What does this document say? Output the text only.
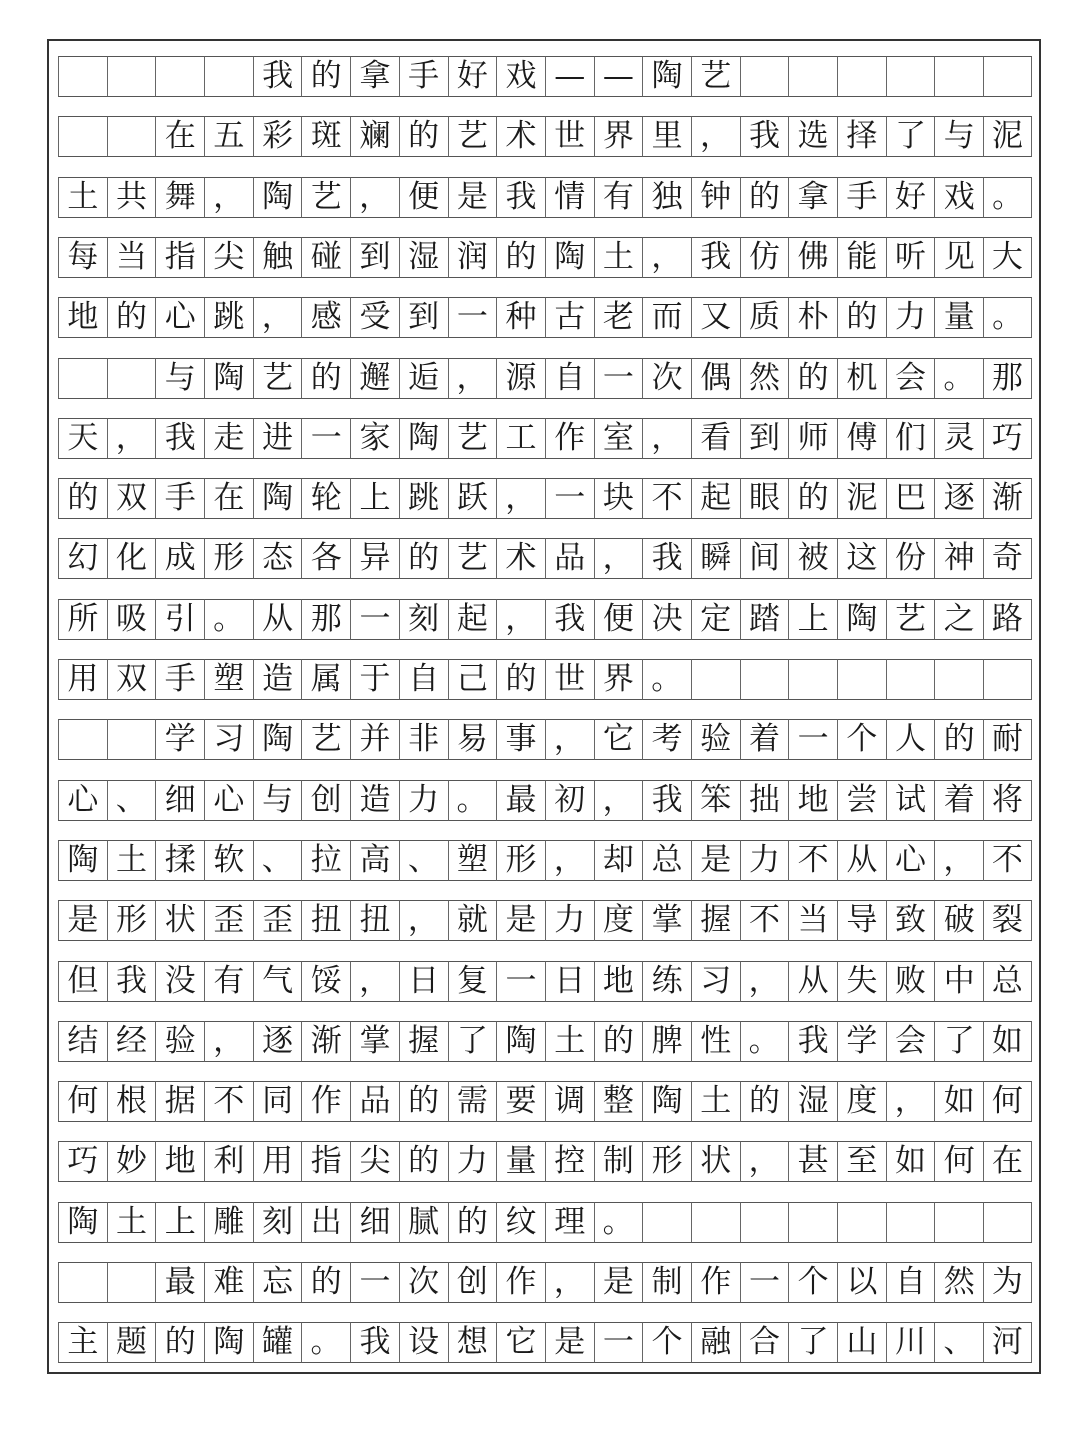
我 的 拿 手 好 戏 — — 陶 艺
在 五 彩 斑 斓 的 艺 术 世 界 里 ， 我 选 择 了 与 泥
土 共 舞 ， 陶 艺 ， 便 是 我 情 有 独 钟 的 拿 手 好 戏 。
每 当 指 尖 触 碰 到 湿 润 的 陶 土 ， 我 仿 佛 能 听 见 大
地 的 心 跳 ， 感 受 到 一 种 古 老 而 又 质 朴 的 力 量 。
与 陶 艺 的 邂 逅 ， 源 自 一 次 偶 然 的 机 会 。 那
天 ， 我 走 进 一 家 陶 艺 工 作 室 ， 看 到 师 傅 们 灵 巧
的 双 手 在 陶 轮 上 跳 跃 ， 一 块 不 起 眼 的 泥 巴 逐 渐
幻 化 成 形 态 各 异 的 艺 术 品 ， 我 瞬 间 被 这 份 神 奇
所 吸 引 。 从 那 一 刻 起 ， 我 便 决 定 踏 上 陶 艺 之 路
用 双 手 塑 造 属 于 自 己 的 世 界 。
学 习 陶 艺 并 非 易 事 ， 它 考 验 着 一 个 人 的 耐
心 、 细 心 与 创 造 力 。 最 初 ， 我 笨 拙 地 尝 试 着 将
陶 土 揉 软 、 拉 高 、 塑 形 ， 却 总 是 力 不 从 心 ， 不
是 形 状 歪 歪 扭 扭 ， 就 是 力 度 掌 握 不 当 导 致 破 裂
但 我 没 有 气 馁 ， 日 复 一 日 地 练 习 ， 从 失 败 中 总
结 经 验 ， 逐 渐 掌 握 了 陶 土 的 脾 性 。 我 学 会 了 如
何 根 据 不 同 作 品 的 需 要 调 整 陶 土 的 湿 度 ， 如 何
巧 妙 地 利 用 指 尖 的 力 量 控 制 形 状 ， 甚 至 如 何 在
陶 土 上 雕 刻 出 细 腻 的 纹 理 。
最 难 忘 的 一 次 创 作 ， 是 制 作 一 个 以 自 然 为
主 题 的 陶 罐 。 我 设 想 它 是 一 个 融 合 了 山 川 、 河
